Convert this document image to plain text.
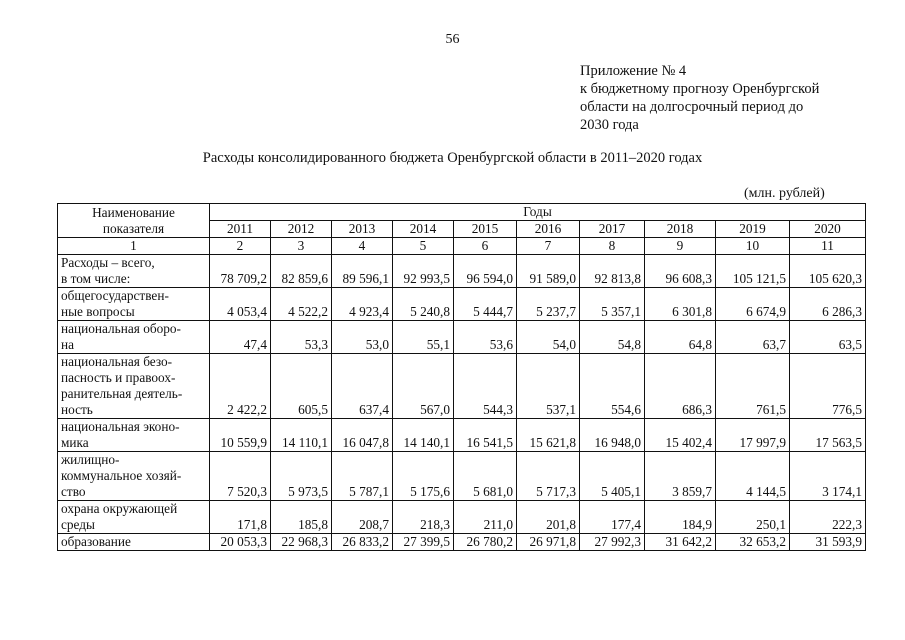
56
Приложение № 4
к бюджетному прогнозу Оренбургской
области на долгосрочный период до
2030 года
Расходы консолидированного бюджета Оренбургской области в 2011–2020 годах
(млн. рублей)
Наименование
показателя	Годы									
	2011	2012	2013	2014	2015	2016	2017	2018	2019	2020
1	2	3	4	5	6	7	8	9	10	11

Расходы – всего,
в том числе:	78 709,2	82 859,6	89 596,1	92 993,5	96 594,0	91 589,0	92 813,8	96 608,3	105 121,5	105 620,3

общегосударствен-
ные вопросы	4 053,4	4 522,2	4 923,4	5 240,8	5 444,7	5 237,7	5 357,1	6 301,8	6 674,9	6 286,3

национальная оборо-
на	47,4	53,3	53,0	55,1	53,6	54,0	54,8	64,8	63,7	63,5

национальная безо-
пасность и правоох-
ранительная деятель-
ность	2 422,2	605,5	637,4	567,0	544,3	537,1	554,6	686,3	761,5	776,5

национальная эконо-
мика	10 559,9	14 110,1	16 047,8	14 140,1	16 541,5	15 621,8	16 948,0	15 402,4	17 997,9	17 563,5

жилищно-
коммунальное хозяй-
ство	7 520,3	5 973,5	5 787,1	5 175,6	5 681,0	5 717,3	5 405,1	3 859,7	4 144,5	3 174,1

охрана окружающей
среды	171,8	185,8	208,7	218,3	211,0	201,8	177,4	184,9	250,1	222,3

образование	20 053,3	22 968,3	26 833,2	27 399,5	26 780,2	26 971,8	27 992,3	31 642,2	32 653,2	31 593,9
